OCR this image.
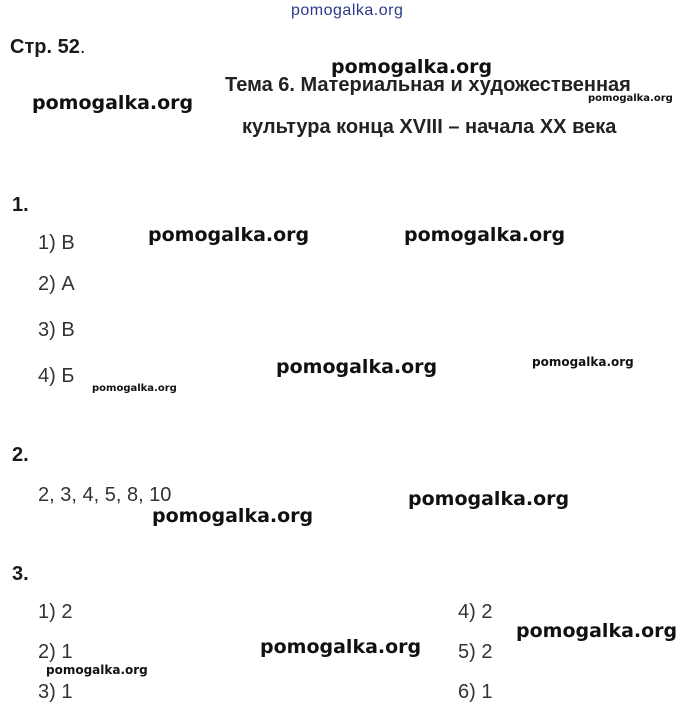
pomogalka.org
Стр. 52.
pomogalka.org
pomogalka.org	pomogalka.org
Тема 6. Материальная и художественная
культура конца XVIII – начала XX века
1.
1) В
2) А
3) В
4) Б
pomogalka.org	pomogalka.org
pomogalka.org	pomogalka.org
pomogalka.org
2.
2, 3, 4, 5, 8, 10	pomogalka.org
pomogalka.org
3.
1) 2
2) 1
3) 1
4) 2
5) 2
6) 1
pomogalka.org
pomogalka.org
pomogalka.org
